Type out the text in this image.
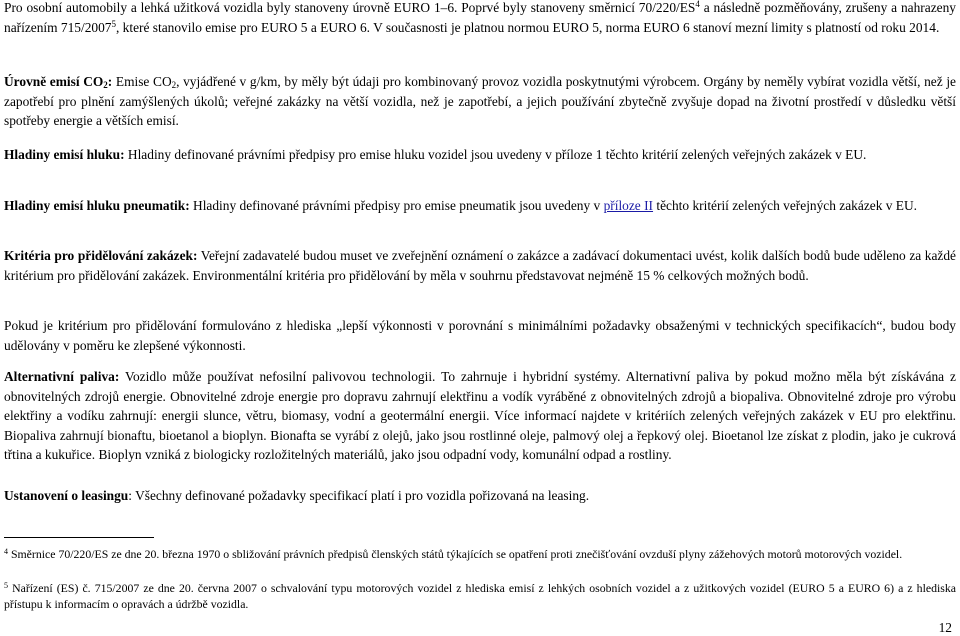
Pro osobní automobily a lehká užitková vozidla byly stanoveny úrovně EURO 1–6. Poprvé byly stanoveny směrnicí $70/220/ES^4$ a následně pozměňovány, zrušeny a nahrazeny nařízením 715/2007$^5$, které stanovilo emise pro EURO 5 a EURO 6. V současnosti je platnou normou EURO 5, norma EURO 6 stanoví mezní limity s platností od roku 2014.

Úrovně emisí $CO_2$: Emise $CO_2$, vyjádřené v g/km, by měly být údaji pro kombinovaný provoz vozidla poskytnutými výrobcem. Orgány by neměly vybírat vozidla větší, než je zapotřebí pro plnění zamýšlených úkolů; veřejné zakázky na větší vozidla, než je zapotřebí, a jejich používání zbytečně zvyšuje dopad na životní prostředí v důsledku větší spotřeby energie a větších emisí.

Hladiny emisí hluku: Hladiny definované právními předpisy pro emise hluku vozidel jsou uvedeny v příloze 1 těchto kritérií zelených veřejných zakázek v EU.

Hladiny emisí hluku pneumatik: Hladiny definované právními předpisy pro emise pneumatik jsou uvedeny v příloze II těchto kritérií zelených veřejných zakázek v EU.

Kritéria pro přidělování zakázek: Veřejní zadavatelé budou muset ve zveřejnění oznámení o zakázce a zadávací dokumentaci uvést, kolik dalších bodů bude uděleno za každé kritérium pro přidělování zakázek. Environmentální kritéria pro přidělování by měla v souhrnu představovat nejméně 15 % celkových možných bodů.

Pokud je kritérium pro přidělování formulováno z hlediska „lepší výkonnosti v porovnání s minimálními požadavky obsaženými v technických specifikacích“, budou body udělovány v poměru ke zlepšené výkonnosti.

Alternativní paliva: Vozidlo může používat nefosilní palivovou technologii. To zahrnuje i hybridní systémy. Alternativní paliva by pokud možno měla být získávána z obnovitelných zdrojů energie. Obnovitelné zdroje energie pro dopravu zahrnují elektřinu a vodík vyráběné z obnovitelných zdrojů a biopaliva. Obnovitelné zdroje pro výrobu elektřiny a vodíku zahrnují: energii slunce, větru, biomasy, vodní a geotermální energii. Více informací najdete v kritériích zelených veřejných zakázek v EU pro elektřinu. Biopaliva zahrnují bionaftu, bioetanol a bioplyn. Bionafta se vyrábí z olejů, jako jsou rostlinné oleje, palmový olej a řepkový olej. Bioetanol lze získat z plodin, jako je cukrová třtina a kukuřice. Bioplyn vzniká z biologicky rozložitelných materiálů, jako jsou odpadní vody, komunální odpad a rostliny.

Ustanovení o leasingu: Všechny definované požadavky specifikací platí i pro vozidla pořizovaná na leasing.

$^4$ Směrnice 70/220/ES ze dne 20. března 1970 o sbližování právních předpisů členských států týkajících se opatření proti znečišťování ovzduší plyny zážehových motorů motorových vozidel.

$^5$ Nařízení (ES) č. 715/2007 ze dne 20. června 2007 o schvalování typu motorových vozidel z hlediska emisí z lehkých osobních vozidel a z užitkových vozidel (EURO 5 a EURO 6) a z hlediska přístupu k informacím o opravách a údržbě vozidla.

12
